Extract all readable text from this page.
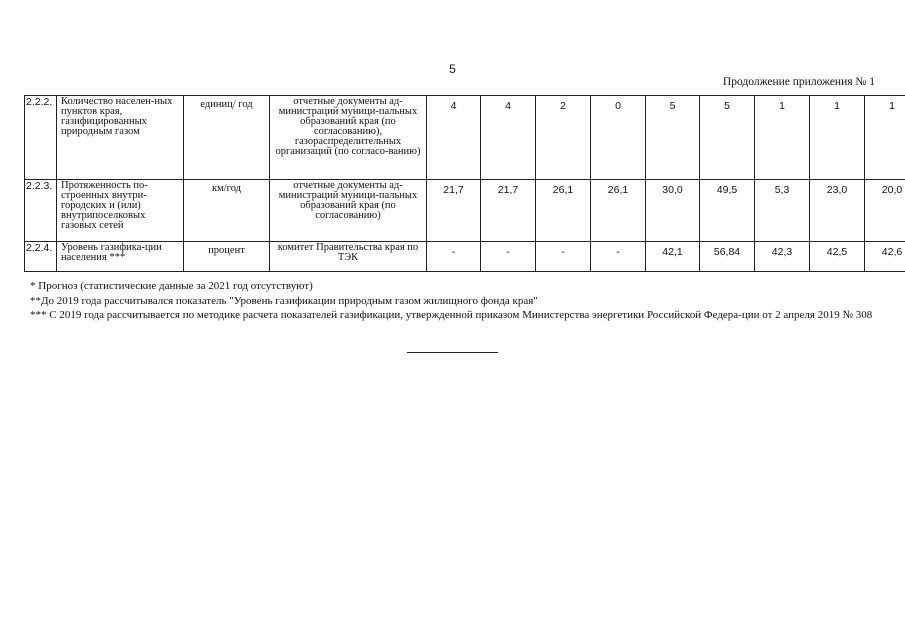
5
Продолжение приложения № 1
2.2.2.	Количество населен-ных пунктов края, газифицированных природным газом	единиц/ год	отчетные документы ад-министраций муници-пальных образований края (по согласованию), газораспределительных организаций (по согласо-ванию)	4	4	2	0	5	5	1	1	1
2.2.3.	Протяженность по-строенных внутри-городских и (или) внутрипоселковых газовых сетей	км/год	отчетные документы ад-министраций муници-пальных образований края (по согласованию)	21,7	21,7	26,1	26,1	30,0	49,5	5,3	23,0	20,0
2.2.4.	Уровень газифика-ции населения ***	процент	комитет Правительства края по ТЭК	-	-	-	-	42,1	56,84	42,3	42,5	42,6

* Прогноз (статистические данные за 2021 год отсутствуют)

**До 2019 года рассчитывался показатель "Уровень газификации природным газом жилищного фонда края"

*** С 2019 года рассчитывается по методике расчета показателей газификации, утвержденной приказом Министерства энергетики Российской Федера-ции от 2 апреля 2019 № 308
